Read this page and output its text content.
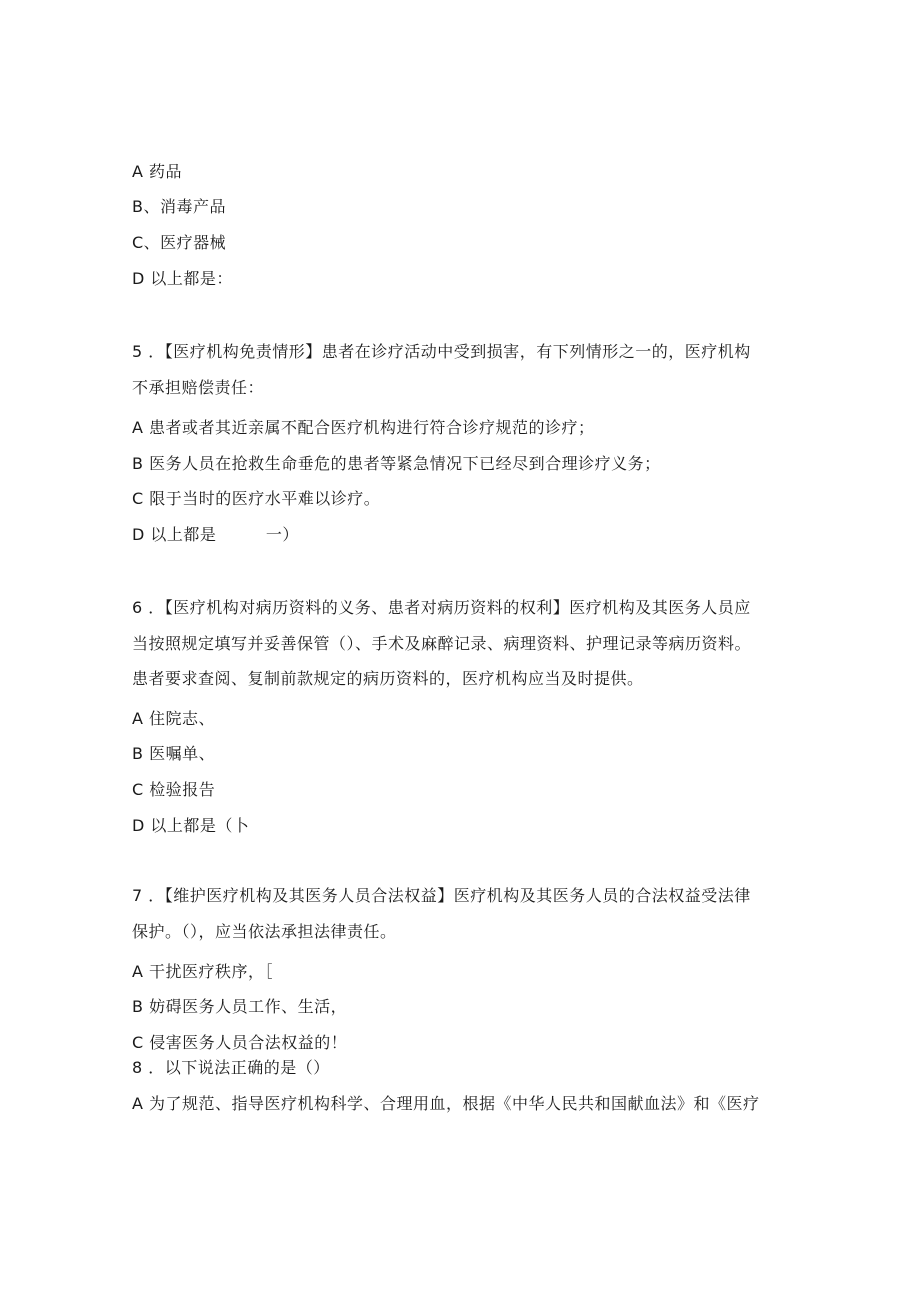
A 药品
B、消毒产品
C、医疗器械
D 以上都是：
5 ．【医疗机构免责情形】患者在诊疗活动中受到损害，有下列情形之一的，医疗机构
不承担赔偿责任：
A 患者或者其近亲属不配合医疗机构进行符合诊疗规范的诊疗；
B 医务人员在抢救生命垂危的患者等紧急情况下已经尽到合理诊疗义务；
C 限于当时的医疗水平难以诊疗。
D 以上都是　　　一）
6 ．【医疗机构对病历资料的义务、患者对病历资料的权利】医疗机构及其医务人员应
当按照规定填写并妥善保管（）、手术及麻醉记录、病理资料、护理记录等病历资料。
患者要求查阅、复制前款规定的病历资料的，医疗机构应当及时提供。
A 住院志、
B 医嘱单、
C 检验报告
D 以上都是（卜
7 ．【维护医疗机构及其医务人员合法权益】医疗机构及其医务人员的合法权益受法律
保护。（），应当依法承担法律责任。
A 干扰医疗秩序，［
B 妨碍医务人员工作、生活，
C 侵害医务人员合法权益的！
8 ．以下说法正确的是（）
A 为了规范、指导医疗机构科学、合理用血，根据《中华人民共和国献血法》和《医疗
